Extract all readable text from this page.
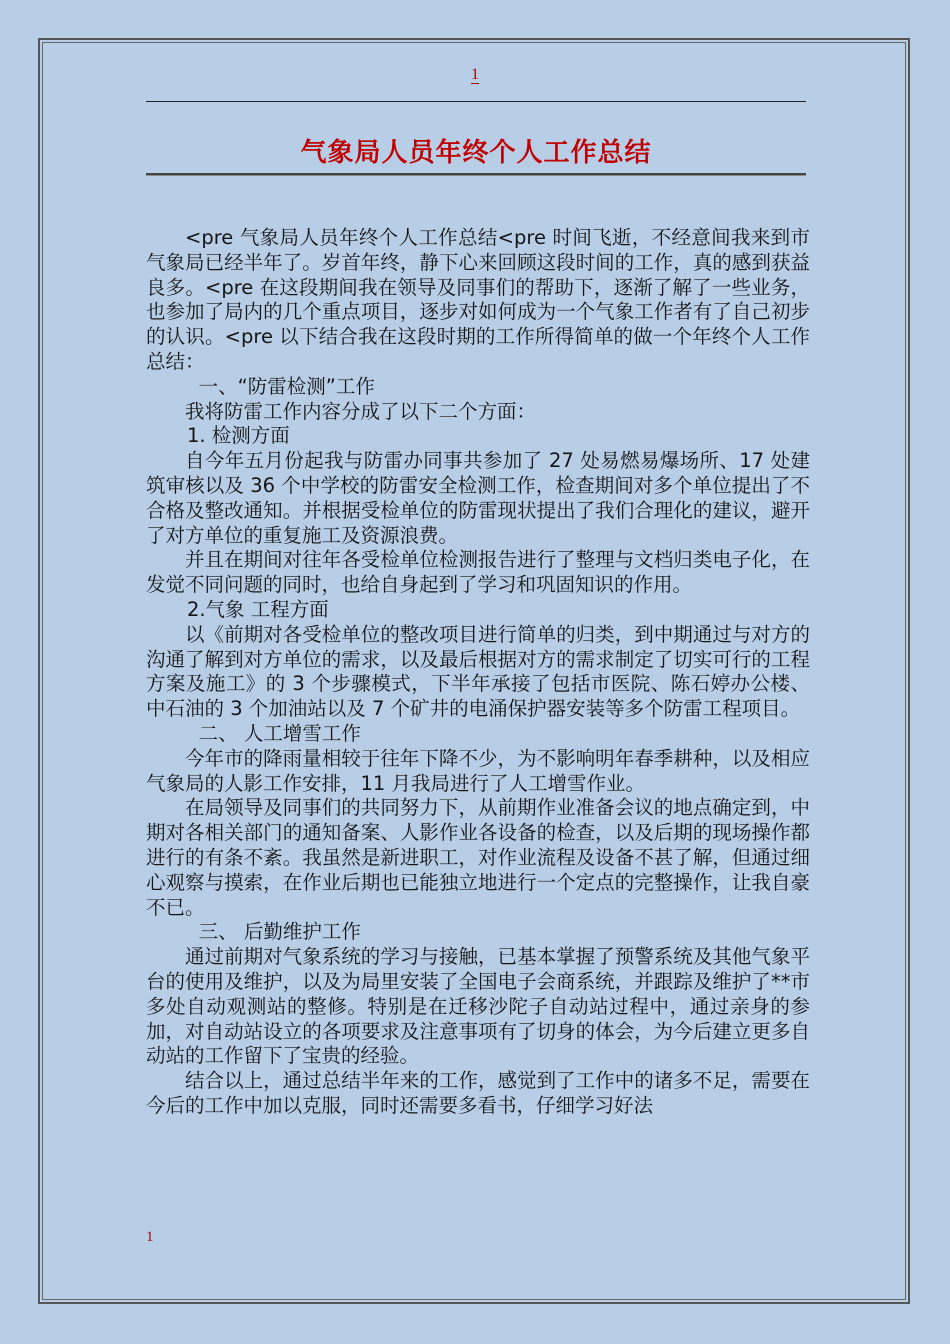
1
气象局人员年终个人工作总结

<pre 气象局人员年终个人工作总结<pre 时间飞逝，不经意间我来到市气象局已经半年了。岁首年终，静下心来回顾这段时间的工作，真的感到获益良多。<pre 在这段期间我在领导及同事们的帮助下，逐渐了解了一些业务，也参加了局内的几个重点项目，逐步对如何成为一个气象工作者有了自己初步的认识。<pre 以下结合我在这段时期的工作所得简单的做一个年终个人工作总结：

一、“防雷检测”工作

我将防雷工作内容分成了以下二个方面：

1. 检测方面

自今年五月份起我与防雷办同事共参加了 27 处易燃易爆场所、17 处建筑审核以及 36 个中学校的防雷安全检测工作，检查期间对多个单位提出了不合格及整改通知。并根据受检单位的防雷现状提出了我们合理化的建议，避开了对方单位的重复施工及资源浪费。

并且在期间对往年各受检单位检测报告进行了整理与文档归类电子化，在发觉不同问题的同时，也给自身起到了学习和巩固知识的作用。

2.气象 工程方面

以《前期对各受检单位的整改项目进行简单的归类，到中期通过与对方的沟通了解到对方单位的需求，以及最后根据对方的需求制定了切实可行的工程方案及施工》的 3 个步骤模式，下半年承接了包括市医院、陈石婷办公楼、中石油的 3 个加油站以及 7 个矿井的电涌保护器安装等多个防雷工程项目。

二、 人工增雪工作

今年市的降雨量相较于往年下降不少，为不影响明年春季耕种，以及相应气象局的人影工作安排，11 月我局进行了人工增雪作业。

在局领导及同事们的共同努力下，从前期作业准备会议的地点确定到，中期对各相关部门的通知备案、人影作业各设备的检查，以及后期的现场操作都进行的有条不紊。我虽然是新进职工，对作业流程及设备不甚了解，但通过细心观察与摸索，在作业后期也已能独立地进行一个定点的完整操作，让我自豪不已。

三、 后勤维护工作

通过前期对气象系统的学习与接触，已基本掌握了预警系统及其他气象平台的使用及维护，以及为局里安装了全国电子会商系统，并跟踪及维护了**市多处自动观测站的整修。特别是在迁移沙陀子自动站过程中，通过亲身的参加，对自动站设立的各项要求及注意事项有了切身的体会，为今后建立更多自动站的工作留下了宝贵的经验。

结合以上，通过总结半年来的工作，感觉到了工作中的诸多不足，需要在今后的工作中加以克服，同时还需要多看书，仔细学习好法

1
